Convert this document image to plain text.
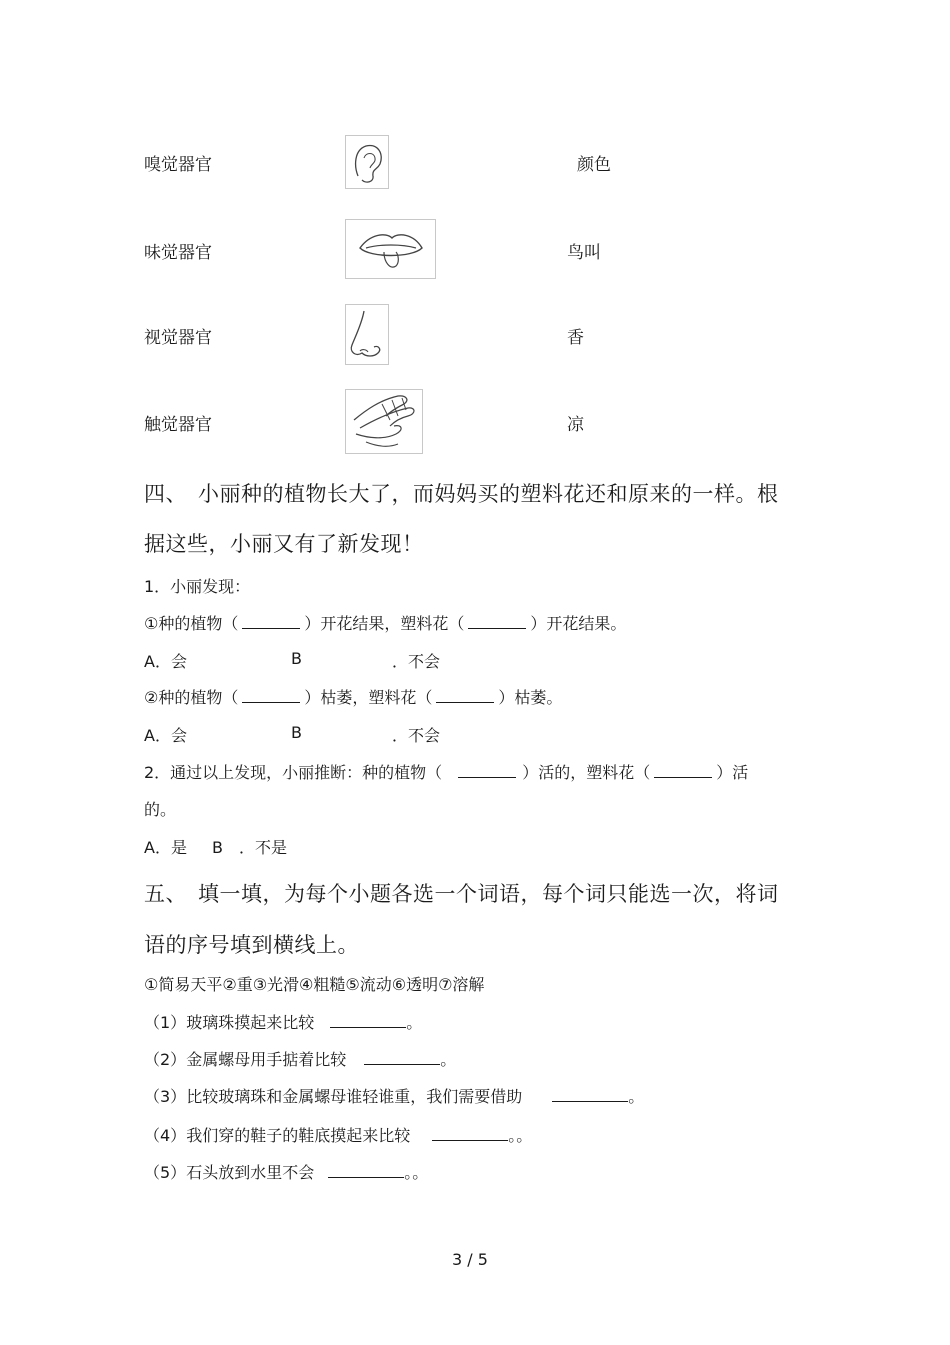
嗅觉器官	颜色
味觉器官	鸟叫
视觉器官	香
触觉器官	凉
四、 小丽种的植物长大了，而妈妈买的塑料花还和原来的一样。根
据这些，小丽又有了新发现！
1．小丽发现：
①种的植物（	）开花结果，塑料花（	）开花结果。
A．会	B	．不会
②种的植物（	）枯萎，塑料花（	）枯萎。
A．会	B	．不会
2．通过以上发现，小丽推断：种的植物（	）活的，塑料花（	）活
的。
A．是 B　．不是
五、 填一填，为每个小题各选一个词语，每个词只能选一次，将词
语的序号填到横线上。
①简易天平②重③光滑④粗糙⑤流动⑥透明⑦溶解
（1）玻璃珠摸起来比较	。
（2）金属螺母用手掂着比较	。
（3）比较玻璃珠和金属螺母谁轻谁重，我们需要借助	。
（4）我们穿的鞋子的鞋底摸起来比较	。。
（5）石头放到水里不会	。。
3 / 5
